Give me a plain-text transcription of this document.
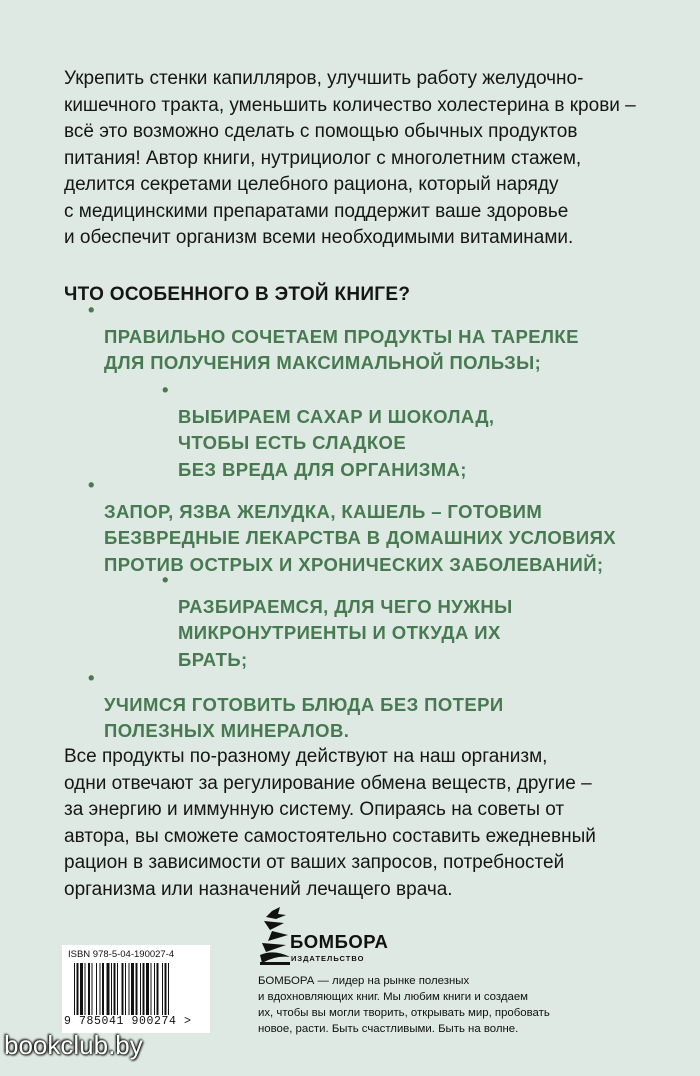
Укрепить стенки капилляров, улучшить работу желудочно-
кишечного тракта, уменьшить количество холестерина в крови –
всё это возможно сделать с помощью обычных продуктов
питания! Автор книги, нутрициолог с многолетним стажем,
делится секретами целебного рациона, который наряду
с медицинскими препаратами поддержит ваше здоровье
и обеспечит организм всеми необходимыми витаминами.

ЧТО ОСОБЕННОГО В ЭТОЙ КНИГЕ?

•
ПРАВИЛЬНО СОЧЕТАЕМ ПРОДУКТЫ НА ТАРЕЛКЕ
ДЛЯ ПОЛУЧЕНИЯ МАКСИМАЛЬНОЙ ПОЛЬЗЫ;

•
ВЫБИРАЕМ САХАР И ШОКОЛАД,
ЧТОБЫ ЕСТЬ СЛАДКОЕ
БЕЗ ВРЕДА ДЛЯ ОРГАНИЗМА;

•
ЗАПОР, ЯЗВА ЖЕЛУДКА, КАШЕЛЬ – ГОТОВИМ
БЕЗВРЕДНЫЕ ЛЕКАРСТВА В ДОМАШНИХ УСЛОВИЯХ
ПРОТИВ ОСТРЫХ И ХРОНИЧЕСКИХ ЗАБОЛЕВАНИЙ;

•
РАЗБИРАЕМСЯ, ДЛЯ ЧЕГО НУЖНЫ
МИКРОНУТРИЕНТЫ И ОТКУДА ИХ
БРАТЬ;

•
УЧИМСЯ ГОТОВИТЬ БЛЮДА БЕЗ ПОТЕРИ
ПОЛЕЗНЫХ МИНЕРАЛОВ.

Все продукты по-разному действуют на наш организм,
одни отвечают за регулирование обмена веществ, другие –
за энергию и иммунную систему. Опираясь на советы от
автора, вы сможете самостоятельно составить ежедневный
рацион в зависимости от ваших запросов, потребностей
организма или назначений лечащего врача.

ISBN 978-5-04-190027-4
9 785041 900274 >
БОМБОРА
ИЗДАТЕЛЬСТВО

БОМБОРА — лидер на рынке полезных
и вдохновляющих книг. Мы любим книги и создаем
их, чтобы вы могли творить, открывать мир, пробовать
новое, расти. Быть счастливыми. Быть на волне.

bookclub.by
